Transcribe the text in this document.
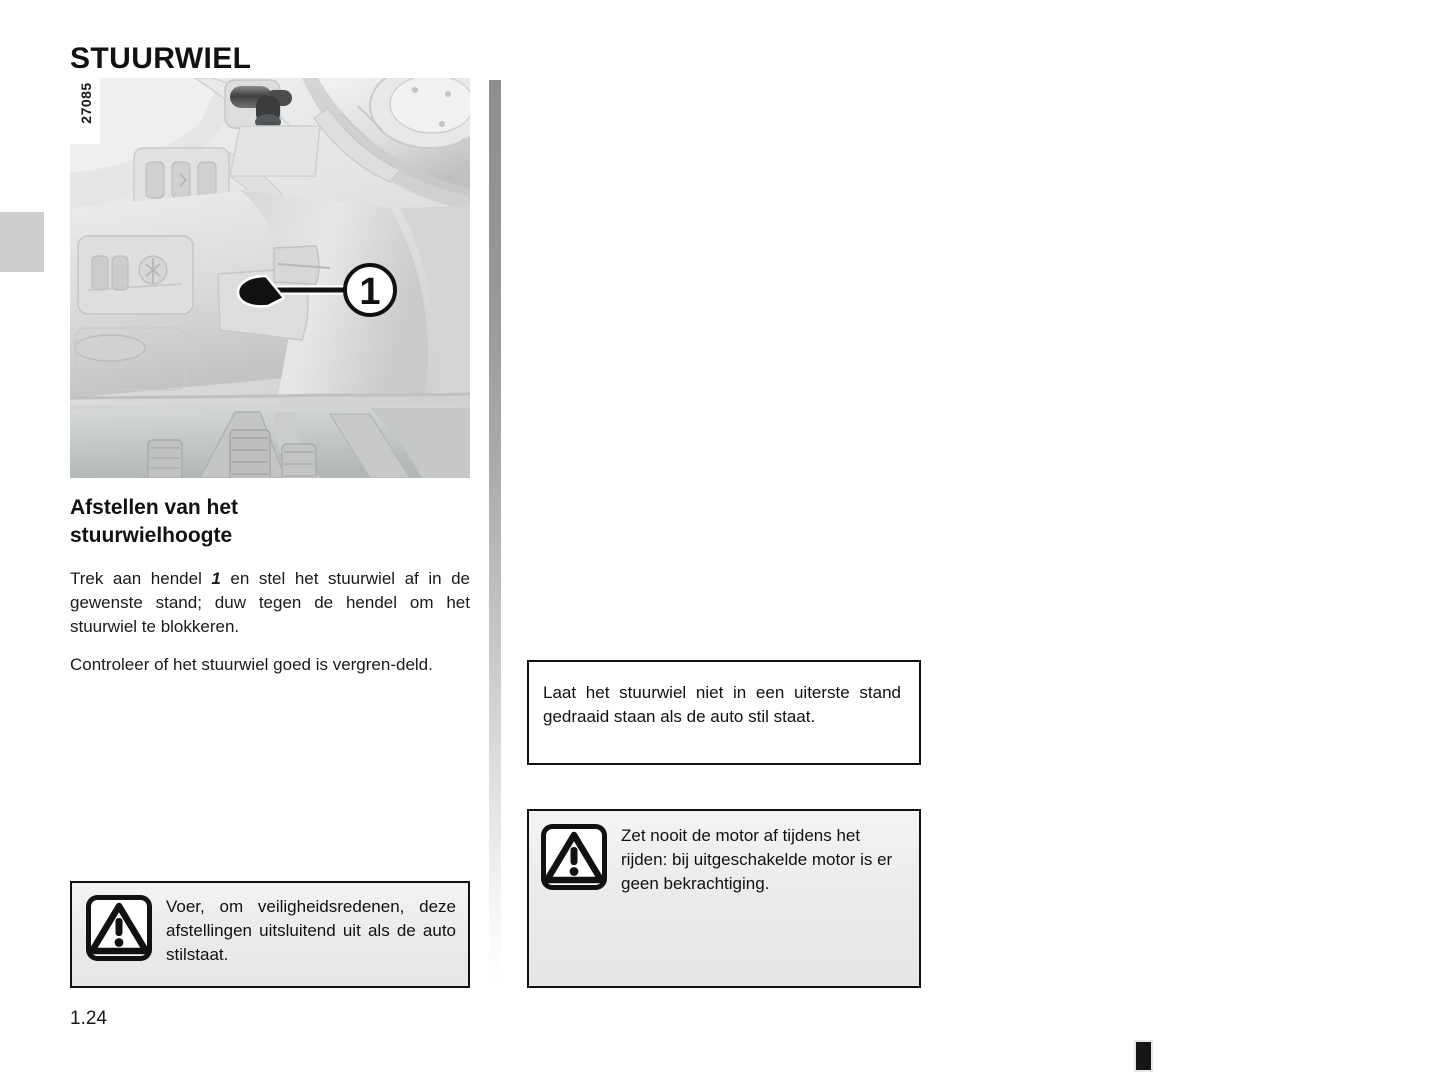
STUURWIEL
1
27085
Afstellen van het stuurwielhoogte

Trek aan hendel 1 en stel het stuurwiel af in de gewenste stand; duw tegen de hendel om het stuurwiel te blokkeren.

Controleer of het stuurwiel goed is vergren-deld.

Voer, om veiligheidsredenen, deze afstellingen uitsluitend uit als de auto stilstaat.
Laat het stuurwiel niet in een uiterste stand gedraaid staan als de auto stil staat.
Zet nooit de motor af tijdens het rijden: bij uitgeschakelde motor is er geen bekrachtiging.
1.24
